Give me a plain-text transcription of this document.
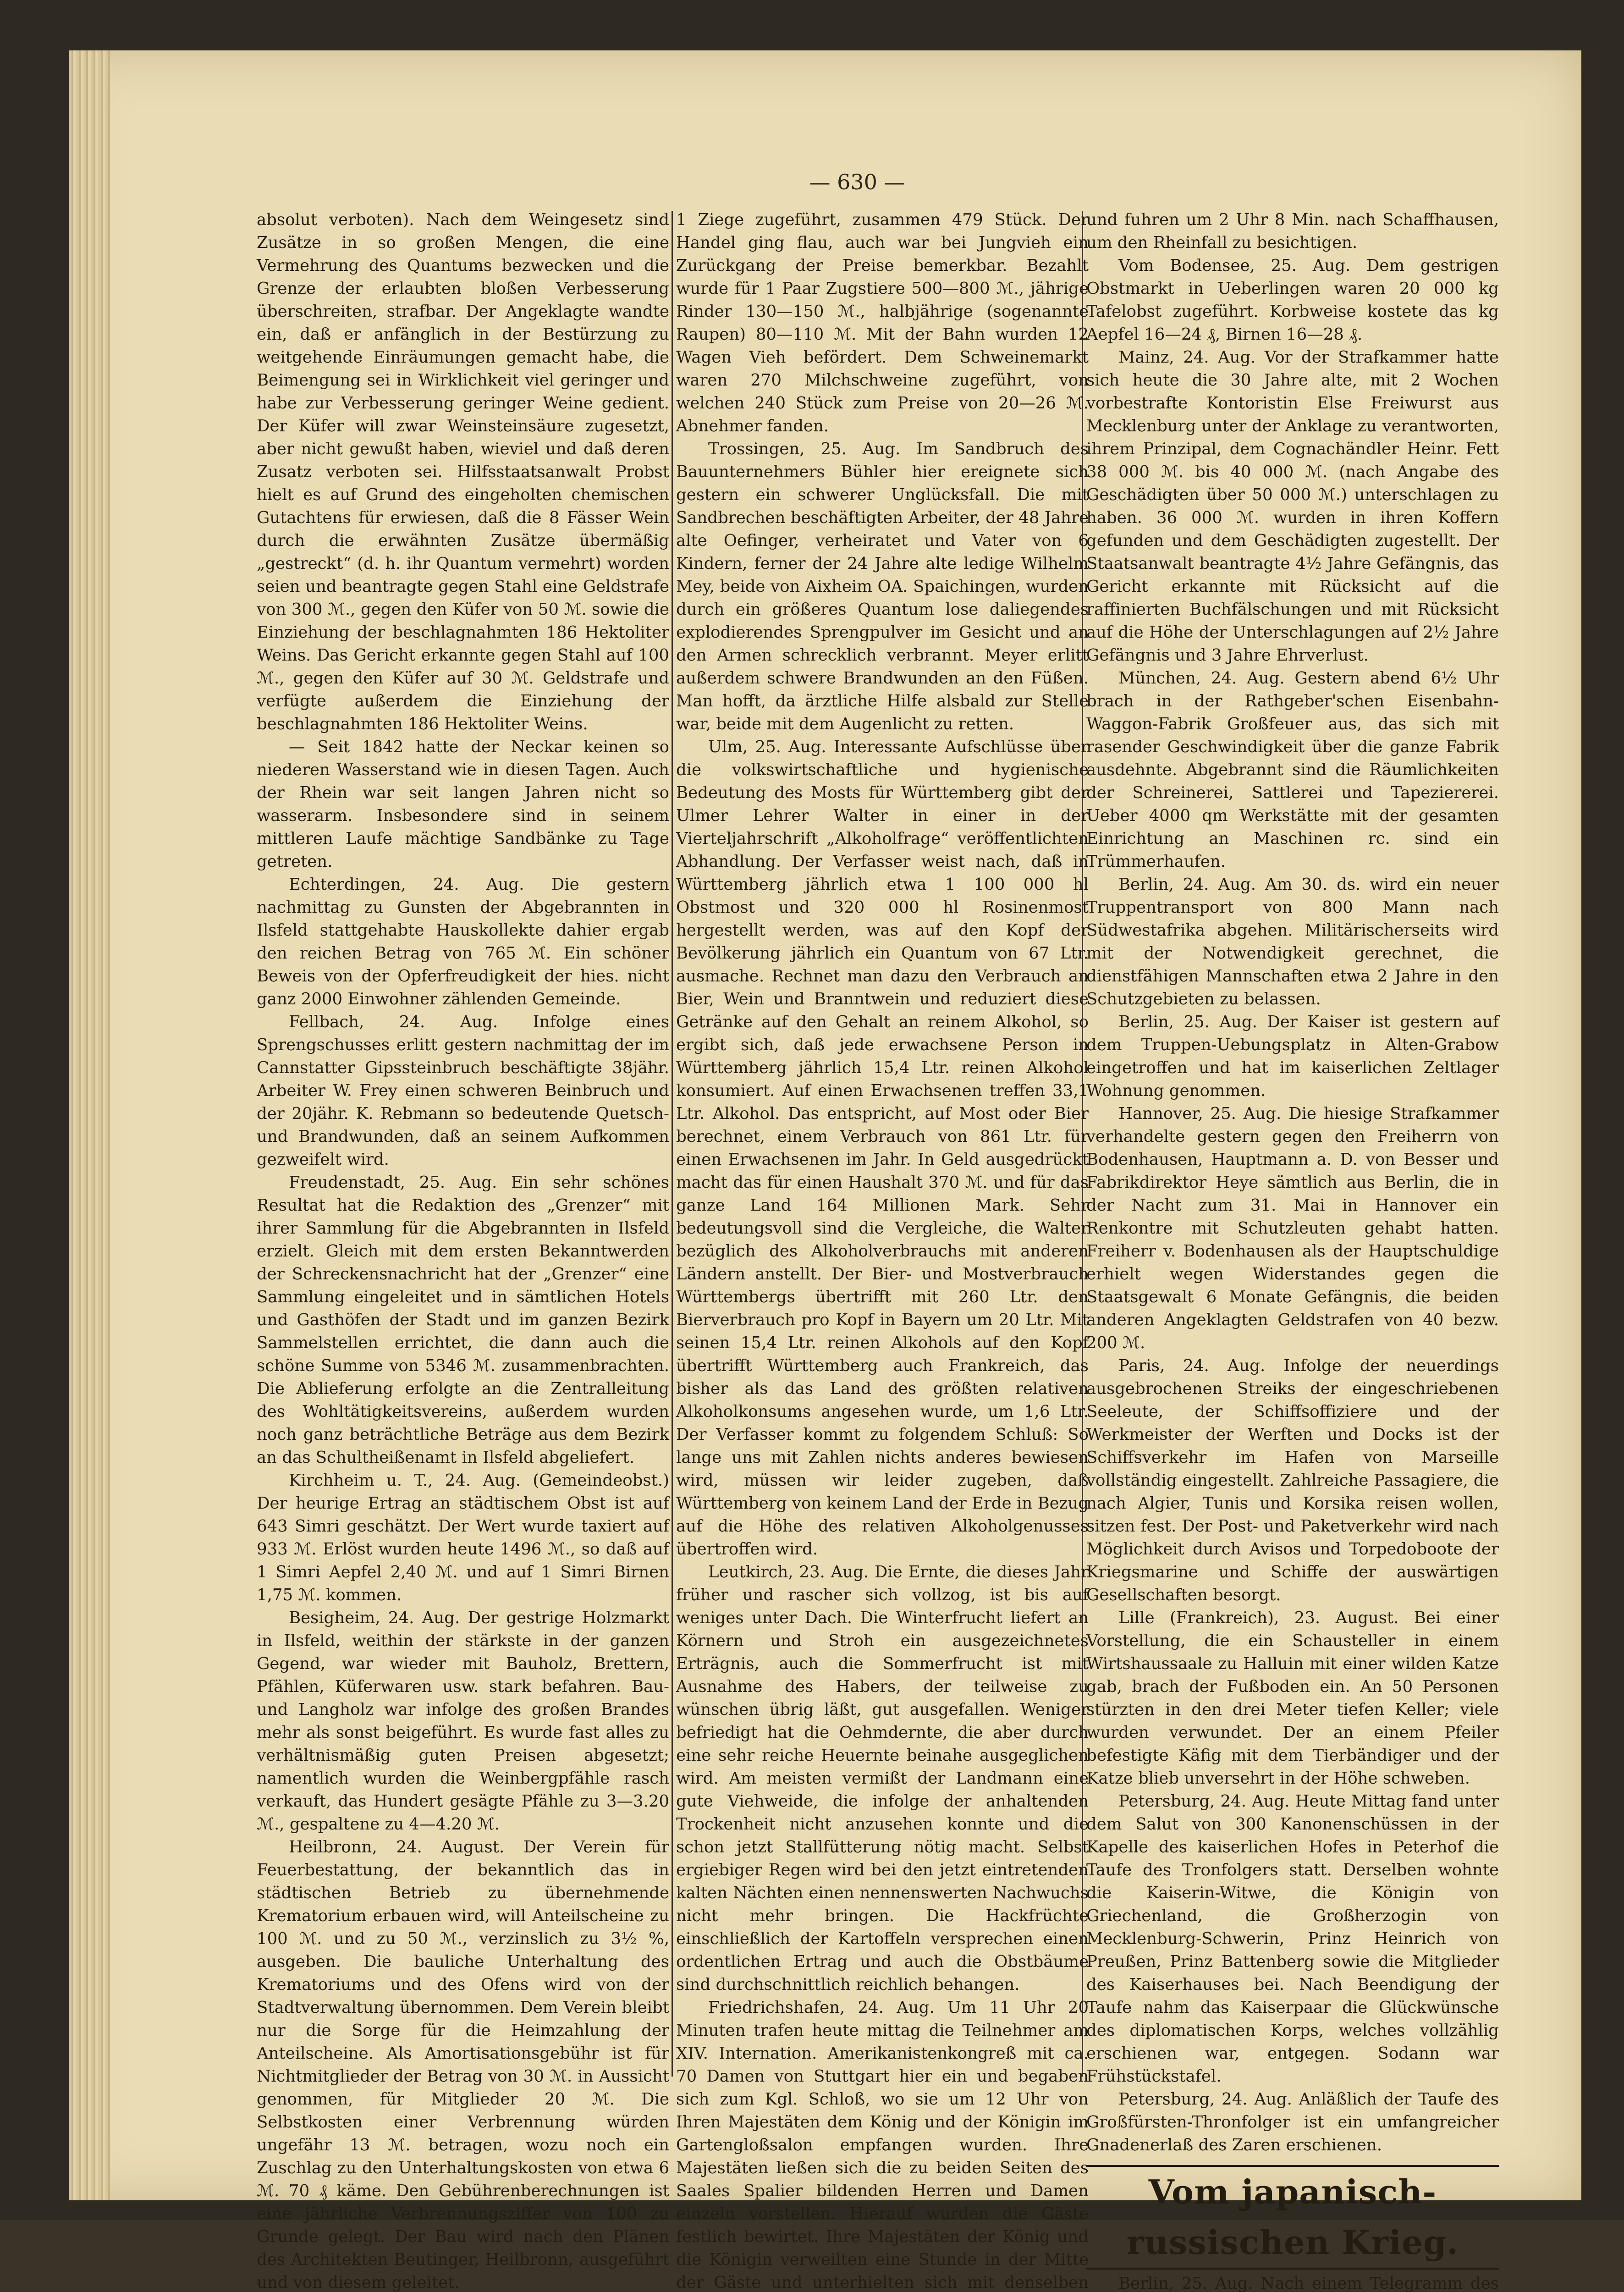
— 630 —

absolut verboten). Nach dem Weingesetz sind Zusätze in so großen Mengen, die eine Vermehrung des Quantums bezwecken und die Grenze der erlaubten bloßen Verbesserung überschreiten, strafbar. Der Angeklagte wandte ein, daß er anfänglich in der Bestürzung zu weitgehende Einräumungen gemacht habe, die Beimengung sei in Wirklichkeit viel geringer und habe zur Verbesserung geringer Weine gedient. Der Küfer will zwar Weinsteinsäure zugesetzt, aber nicht gewußt haben, wieviel und daß deren Zusatz verboten sei. Hilfsstaatsanwalt Probst hielt es auf Grund des eingeholten chemischen Gutachtens für erwiesen, daß die 8 Fässer Wein durch die erwähnten Zusätze übermäßig „gestreckt“ (d. h. ihr Quantum vermehrt) worden seien und beantragte gegen Stahl eine Geldstrafe von 300 ℳ., gegen den Küfer von 50 ℳ. sowie die Einziehung der beschlagnahmten 186 Hektoliter Weins. Das Gericht erkannte gegen Stahl auf 100 ℳ., gegen den Küfer auf 30 ℳ. Geldstrafe und verfügte außerdem die Einziehung der beschlagnahmten 186 Hektoliter Weins.

— Seit 1842 hatte der Neckar keinen so niederen Wasserstand wie in diesen Tagen. Auch der Rhein war seit langen Jahren nicht so wasserarm. Insbesondere sind in seinem mittleren Laufe mächtige Sandbänke zu Tage getreten.

Echterdingen, 24. Aug. Die gestern nachmittag zu Gunsten der Abgebrannten in Ilsfeld stattgehabte Hauskollekte dahier ergab den reichen Betrag von 765 ℳ. Ein schöner Beweis von der Opferfreudigkeit der hies. nicht ganz 2000 Einwohner zählenden Gemeinde.

Fellbach, 24. Aug. Infolge eines Sprengschusses erlitt gestern nachmittag der im Cannstatter Gipssteinbruch beschäftigte 38jähr. Arbeiter W. Frey einen schweren Beinbruch und der 20jähr. K. Rebmann so bedeutende Quetsch- und Brandwunden, daß an seinem Aufkommen gezweifelt wird.

Freudenstadt, 25. Aug. Ein sehr schönes Resultat hat die Redaktion des „Grenzer“ mit ihrer Sammlung für die Abgebrannten in Ilsfeld erzielt. Gleich mit dem ersten Bekanntwerden der Schreckensnachricht hat der „Grenzer“ eine Sammlung eingeleitet und in sämtlichen Hotels und Gasthöfen der Stadt und im ganzen Bezirk Sammelstellen errichtet, die dann auch die schöne Summe von 5346 ℳ. zusammenbrachten. Die Ablieferung erfolgte an die Zentralleitung des Wohltätigkeitsvereins, außerdem wurden noch ganz beträchtliche Beträge aus dem Bezirk an das Schultheißenamt in Ilsfeld abgeliefert.

Kirchheim u. T., 24. Aug. (Gemeindeobst.) Der heurige Ertrag an städtischem Obst ist auf 643 Simri geschätzt. Der Wert wurde taxiert auf 933 ℳ. Erlöst wurden heute 1496 ℳ., so daß auf 1 Simri Aepfel 2,40 ℳ. und auf 1 Simri Birnen 1,75 ℳ. kommen.

Besigheim, 24. Aug. Der gestrige Holzmarkt in Ilsfeld, weithin der stärkste in der ganzen Gegend, war wieder mit Bauholz, Brettern, Pfählen, Küferwaren usw. stark befahren. Bau- und Langholz war infolge des großen Brandes mehr als sonst beigeführt. Es wurde fast alles zu verhältnismäßig guten Preisen abgesetzt; namentlich wurden die Weinbergpfähle rasch verkauft, das Hundert gesägte Pfähle zu 3—3.20 ℳ., gespaltene zu 4—4.20 ℳ.

Heilbronn, 24. August. Der Verein für Feuerbestattung, der bekanntlich das in städtischen Betrieb zu übernehmende Krematorium erbauen wird, will Anteilscheine zu 100 ℳ. und zu 50 ℳ., verzinslich zu 3½ %, ausgeben. Die bauliche Unterhaltung des Krematoriums und des Ofens wird von der Stadtverwaltung übernommen. Dem Verein bleibt nur die Sorge für die Heimzahlung der Anteilscheine. Als Amortisationsgebühr ist für Nichtmitglieder der Betrag von 30 ℳ. in Aussicht genommen, für Mitglieder 20 ℳ. Die Selbstkosten einer Verbrennung würden ungefähr 13 ℳ. betragen, wozu noch ein Zuschlag zu den Unterhaltungskosten von etwa 6 ℳ. 70 ₰ käme. Den Gebührenberechnungen ist eine jährliche Verbrennungsziffer von 100 zu Grunde gelegt. Der Bau wird nach den Plänen des Architekten Beutinger, Heilbronn, ausgeführt und von diesem geleitet.

1 Ziege zugeführt, zusammen 479 Stück. Der Handel ging flau, auch war bei Jungvieh ein Zurückgang der Preise bemerkbar. Bezahlt wurde für 1 Paar Zugstiere 500—800 ℳ., jährige Rinder 130—150 ℳ., halbjährige (sogenannte Raupen) 80—110 ℳ. Mit der Bahn wurden 12 Wagen Vieh befördert. Dem Schweinemarkt waren 270 Milchschweine zugeführt, von welchen 240 Stück zum Preise von 20—26 ℳ. Abnehmer fanden.

Trossingen, 25. Aug. Im Sandbruch des Bauunternehmers Bühler hier ereignete sich gestern ein schwerer Unglücksfall. Die mit Sandbrechen beschäftigten Arbeiter, der 48 Jahre alte Oefinger, verheiratet und Vater von 6 Kindern, ferner der 24 Jahre alte ledige Wilhelm Mey, beide von Aixheim OA. Spaichingen, wurden durch ein größeres Quantum lose daliegendes explodierendes Sprengpulver im Gesicht und an den Armen schrecklich verbrannt. Meyer erlitt außerdem schwere Brandwunden an den Füßen. Man hofft, da ärztliche Hilfe alsbald zur Stelle war, beide mit dem Augenlicht zu retten.

Ulm, 25. Aug. Interessante Aufschlüsse über die volkswirtschaftliche und hygienische Bedeutung des Mosts für Württemberg gibt der Ulmer Lehrer Walter in einer in der Vierteljahrschrift „Alkoholfrage“ veröffentlichten Abhandlung. Der Verfasser weist nach, daß in Württemberg jährlich etwa 1 100 000 hl Obstmost und 320 000 hl Rosinenmost hergestellt werden, was auf den Kopf der Bevölkerung jährlich ein Quantum von 67 Ltr. ausmache. Rechnet man dazu den Verbrauch an Bier, Wein und Branntwein und reduziert diese Getränke auf den Gehalt an reinem Alkohol, so ergibt sich, daß jede erwachsene Person in Württemberg jährlich 15,4 Ltr. reinen Alkohol konsumiert. Auf einen Erwachsenen treffen 33,1 Ltr. Alkohol. Das entspricht, auf Most oder Bier berechnet, einem Verbrauch von 861 Ltr. für einen Erwachsenen im Jahr. In Geld ausgedrückt macht das für einen Haushalt 370 ℳ. und für das ganze Land 164 Millionen Mark. Sehr bedeutungsvoll sind die Vergleiche, die Walter bezüglich des Alkoholverbrauchs mit anderen Ländern anstellt. Der Bier- und Mostverbrauch Württembergs übertrifft mit 260 Ltr. den Bierverbrauch pro Kopf in Bayern um 20 Ltr. Mit seinen 15,4 Ltr. reinen Alkohols auf den Kopf übertrifft Württemberg auch Frankreich, das bisher als das Land des größten relativen Alkoholkonsums angesehen wurde, um 1,6 Ltr. Der Verfasser kommt zu folgendem Schluß: So lange uns mit Zahlen nichts anderes bewiesen wird, müssen wir leider zugeben, daß Württemberg von keinem Land der Erde in Bezug auf die Höhe des relativen Alkoholgenusses übertroffen wird.

Leutkirch, 23. Aug. Die Ernte, die dieses Jahr früher und rascher sich vollzog, ist bis auf weniges unter Dach. Die Winterfrucht liefert an Körnern und Stroh ein ausgezeichnetes Erträgnis, auch die Sommerfrucht ist mit Ausnahme des Habers, der teilweise zu wünschen übrig läßt, gut ausgefallen. Weniger befriedigt hat die Oehmdernte, die aber durch eine sehr reiche Heuernte beinahe ausgeglichen wird. Am meisten vermißt der Landmann eine gute Viehweide, die infolge der anhaltenden Trockenheit nicht anzusehen konnte und die schon jetzt Stallfütterung nötig macht. Selbst ergiebiger Regen wird bei den jetzt eintretenden kalten Nächten einen nennenswerten Nachwuchs nicht mehr bringen. Die Hackfrüchte einschließlich der Kartoffeln versprechen einen ordentlichen Ertrag und auch die Obstbäume sind durchschnittlich reichlich behangen.

Friedrichshafen, 24. Aug. Um 11 Uhr 20 Minuten trafen heute mittag die Teilnehmer am XIV. Internation. Amerikanistenkongreß mit ca. 70 Damen von Stuttgart hier ein und begaben sich zum Kgl. Schloß, wo sie um 12 Uhr von Ihren Majestäten dem König und der Königin im Gartengloßsalon empfangen wurden. Ihre Majestäten ließen sich die zu beiden Seiten des Saales Spalier bildenden Herren und Damen einzeln vorstellen. Hierauf wurden die Gäste festlich bewirtet. Ihre Majestäten der König und die Königin verweilten eine Stunde in der Mitte der Gäste und unterhielten sich mit denselben

und fuhren um 2 Uhr 8 Min. nach Schaffhausen, um den Rheinfall zu besichtigen.

Vom Bodensee, 25. Aug. Dem gestrigen Obstmarkt in Ueberlingen waren 20 000 kg Tafelobst zugeführt. Korbweise kostete das kg Aepfel 16—24 ₰, Birnen 16—28 ₰.

Mainz, 24. Aug. Vor der Strafkammer hatte sich heute die 30 Jahre alte, mit 2 Wochen vorbestrafte Kontoristin Else Freiwurst aus Mecklenburg unter der Anklage zu verantworten, ihrem Prinzipal, dem Cognachändler Heinr. Fett 38 000 ℳ. bis 40 000 ℳ. (nach Angabe des Geschädigten über 50 000 ℳ.) unterschlagen zu haben. 36 000 ℳ. wurden in ihren Koffern gefunden und dem Geschädigten zugestellt. Der Staatsanwalt beantragte 4½ Jahre Gefängnis, das Gericht erkannte mit Rücksicht auf die raffinierten Buchfälschungen und mit Rücksicht auf die Höhe der Unterschlagungen auf 2½ Jahre Gefängnis und 3 Jahre Ehrverlust.

München, 24. Aug. Gestern abend 6½ Uhr brach in der Rathgeber'schen Eisenbahn-Waggon-Fabrik Großfeuer aus, das sich mit rasender Geschwindigkeit über die ganze Fabrik ausdehnte. Abgebrannt sind die Räumlichkeiten der Schreinerei, Sattlerei und Tapeziererei. Ueber 4000 qm Werkstätte mit der gesamten Einrichtung an Maschinen rc. sind ein Trümmerhaufen.

Berlin, 24. Aug. Am 30. ds. wird ein neuer Truppentransport von 800 Mann nach Südwestafrika abgehen. Militärischerseits wird mit der Notwendigkeit gerechnet, die dienstfähigen Mannschaften etwa 2 Jahre in den Schutzgebieten zu belassen.

Berlin, 25. Aug. Der Kaiser ist gestern auf dem Truppen-Uebungsplatz in Alten-Grabow eingetroffen und hat im kaiserlichen Zeltlager Wohnung genommen.

Hannover, 25. Aug. Die hiesige Strafkammer verhandelte gestern gegen den Freiherrn von Bodenhausen, Hauptmann a. D. von Besser und Fabrikdirektor Heye sämtlich aus Berlin, die in der Nacht zum 31. Mai in Hannover ein Renkontre mit Schutzleuten gehabt hatten. Freiherr v. Bodenhausen als der Hauptschuldige erhielt wegen Widerstandes gegen die Staatsgewalt 6 Monate Gefängnis, die beiden anderen Angeklagten Geldstrafen von 40 bezw. 200 ℳ.

Paris, 24. Aug. Infolge der neuerdings ausgebrochenen Streiks der eingeschriebenen Seeleute, der Schiffsoffiziere und der Werkmeister der Werften und Docks ist der Schiffsverkehr im Hafen von Marseille vollständig eingestellt. Zahlreiche Passagiere, die nach Algier, Tunis und Korsika reisen wollen, sitzen fest. Der Post- und Paketverkehr wird nach Möglichkeit durch Avisos und Torpedoboote der Kriegsmarine und Schiffe der auswärtigen Gesellschaften besorgt.

Lille (Frankreich), 23. August. Bei einer Vorstellung, die ein Schausteller in einem Wirtshaussaale zu Halluin mit einer wilden Katze gab, brach der Fußboden ein. An 50 Personen stürzten in den drei Meter tiefen Keller; viele wurden verwundet. Der an einem Pfeiler befestigte Käfig mit dem Tierbändiger und der Katze blieb unversehrt in der Höhe schweben.

Petersburg, 24. Aug. Heute Mittag fand unter dem Salut von 300 Kanonenschüssen in der Kapelle des kaiserlichen Hofes in Peterhof die Taufe des Tronfolgers statt. Derselben wohnte die Kaiserin-Witwe, die Königin von Griechenland, die Großherzogin von Mecklenburg-Schwerin, Prinz Heinrich von Preußen, Prinz Battenberg sowie die Mitglieder des Kaiserhauses bei. Nach Beendigung der Taufe nahm das Kaiserpaar die Glückwünsche des diplomatischen Korps, welches vollzählig erschienen war, entgegen. Sodann war Frühstückstafel.

Petersburg, 24. Aug. Anläßlich der Taufe des Großfürsten-Thronfolger ist ein umfangreicher Gnadenerlaß des Zaren erschienen.

Vom japanisch-russischen Krieg.

Berlin, 25. Aug. Nach einem Telegramm des
